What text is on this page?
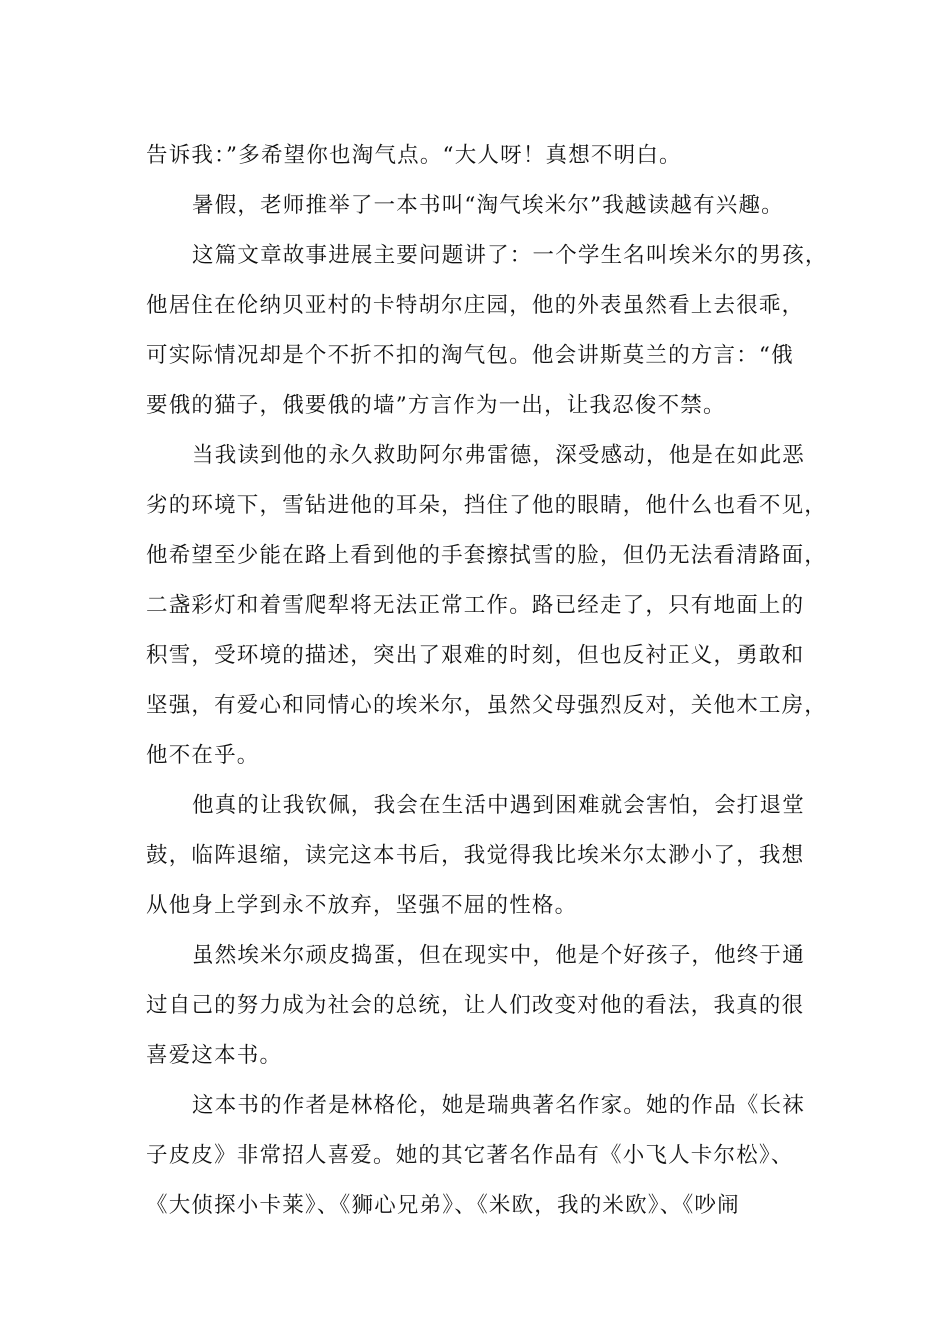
告诉我：”多希望你也淘气点。“大人呀！真想不明白。
暑假，老师推举了一本书叫“淘气埃米尔”我越读越有兴趣。
这篇文章故事进展主要问题讲了：一个学生名叫埃米尔的男孩，
他居住在伦纳贝亚村的卡特胡尔庄园，他的外表虽然看上去很乖，
可实际情况却是个不折不扣的淘气包。他会讲斯莫兰的方言：“俄
要俄的猫子，俄要俄的墙”方言作为一出，让我忍俊不禁。
当我读到他的永久救助阿尔弗雷德，深受感动，他是在如此恶
劣的环境下，雪钻进他的耳朵，挡住了他的眼睛，他什么也看不见，
他希望至少能在路上看到他的手套擦拭雪的脸，但仍无法看清路面，
二盏彩灯和着雪爬犁将无法正常工作。路已经走了，只有地面上的
积雪，受环境的描述，突出了艰难的时刻，但也反衬正义，勇敢和
坚强，有爱心和同情心的埃米尔，虽然父母强烈反对，关他木工房，
他不在乎。
他真的让我钦佩，我会在生活中遇到困难就会害怕，会打退堂
鼓，临阵退缩，读完这本书后，我觉得我比埃米尔太渺小了，我想
从他身上学到永不放弃，坚强不屈的性格。
虽然埃米尔顽皮捣蛋，但在现实中，他是个好孩子，他终于通
过自己的努力成为社会的总统，让人们改变对他的看法，我真的很
喜爱这本书。
这本书的作者是林格伦，她是瑞典著名作家。她的作品《长袜
子皮皮》非常招人喜爱。她的其它著名作品有《小飞人卡尔松》、
《大侦探小卡莱》、《狮心兄弟》、《米欧，我的米欧》、《吵闹
